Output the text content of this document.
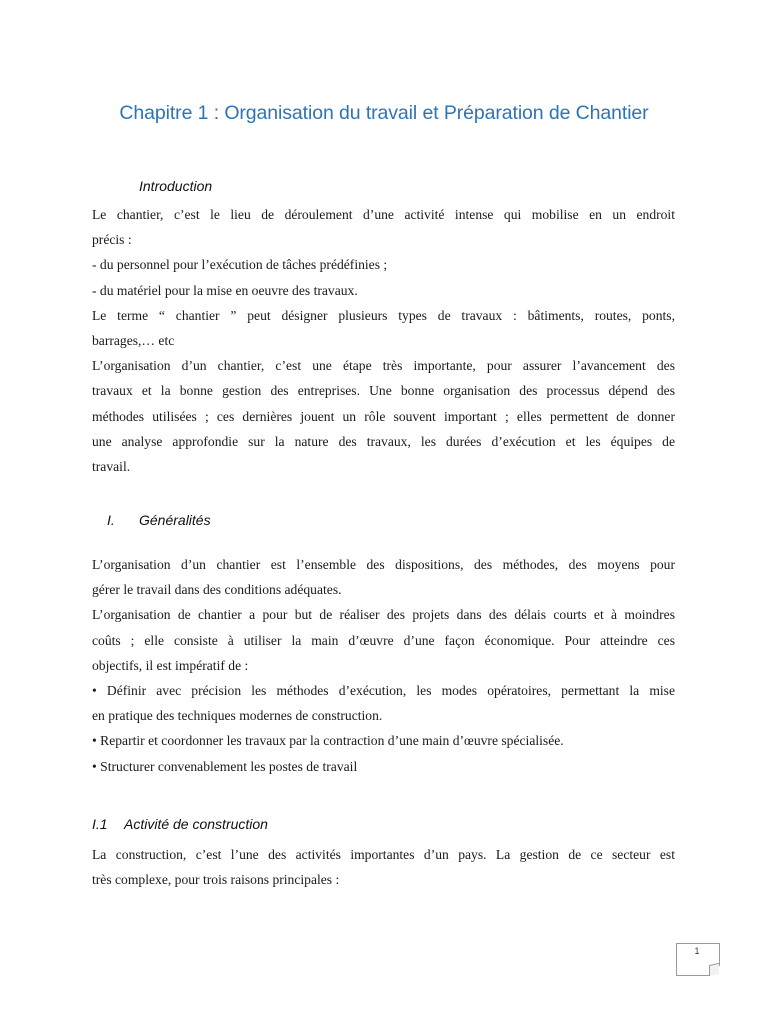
Chapitre 1 : Organisation du travail et Préparation de Chantier
Introduction
Le chantier, c’est le lieu de déroulement d’une activité intense qui mobilise en un endroit
précis :
- du personnel pour l’exécution de tâches prédéfinies ;
- du matériel pour la mise en oeuvre des travaux.
Le terme “ chantier ” peut désigner plusieurs types de travaux : bâtiments, routes, ponts,
barrages,… etc
L’organisation d’un chantier, c’est une étape très importante, pour assurer l’avancement des
travaux et la bonne gestion des entreprises. Une bonne organisation des processus dépend des
méthodes utilisées ; ces dernières jouent un rôle souvent important ; elles permettent de donner
une analyse approfondie sur la nature des travaux, les durées d’exécution et les équipes de
travail.
I. Généralités
L’organisation d’un chantier est l’ensemble des dispositions, des méthodes, des moyens pour
gérer le travail dans des conditions adéquates.
L’organisation de chantier a pour but de réaliser des projets dans des délais courts et à moindres
coûts ; elle consiste à utiliser la main d’œuvre d’une façon économique. Pour atteindre ces
objectifs, il est impératif de :
• Définir avec précision les méthodes d’exécution, les modes opératoires, permettant la mise
en pratique des techniques modernes de construction.
• Repartir et coordonner les travaux par la contraction d’une main d’œuvre spécialisée.
• Structurer convenablement les postes de travail
I.1 Activité de construction
La construction, c’est l’une des activités importantes d’un pays. La gestion de ce secteur est
très complexe, pour trois raisons principales :
1
